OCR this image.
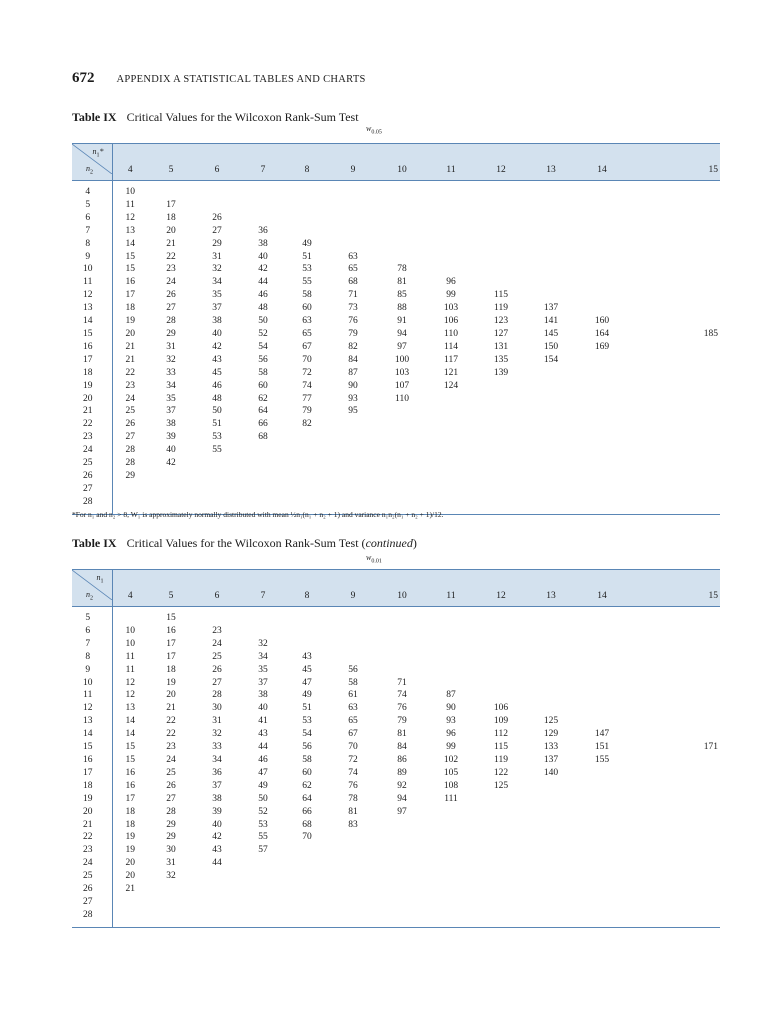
672 APPENDIX A STATISTICAL TABLES AND CHARTS
Table IX Critical Values for the Wilcoxon Rank-Sum Test
$w_{0.05}$
$n_1*$
$n_2$	4	5	6	7	8	9	10	11	12	13	14	15

4	10											
5	11	17										
6	12	18	26									
7	13	20	27	36								
8	14	21	29	38	49							
9	15	22	31	40	51	63						
10	15	23	32	42	53	65	78					
11	16	24	34	44	55	68	81	96				
12	17	26	35	46	58	71	85	99	115			
13	18	27	37	48	60	73	88	103	119	137		
14	19	28	38	50	63	76	91	106	123	141	160	
15	20	29	40	52	65	79	94	110	127	145	164	185
16	21	31	42	54	67	82	97	114	131	150	169	
17	21	32	43	56	70	84	100	117	135	154		
18	22	33	45	58	72	87	103	121	139			
19	23	34	46	60	74	90	107	124				
20	24	35	48	62	77	93	110					
21	25	37	50	64	79	95						
22	26	38	51	66	82							
23	27	39	53	68								
24	28	40	55									
25	28	42										
26	29											
27												
28												

*For n₁ and n₂ > 8, W₁ is approximately normally distributed with mean ½n₁(n₁ + n₂ + 1) and variance n₁n₂(n₁ + n₂ + 1)/12.
Table IX Critical Values for the Wilcoxon Rank-Sum Test (continued)
$w_{0.01}$
$n_1$
$n_2$	4	5	6	7	8	9	10	11	12	13	14	15

5		15										
6	10	16	23									
7	10	17	24	32								
8	11	17	25	34	43							
9	11	18	26	35	45	56						
10	12	19	27	37	47	58	71					
11	12	20	28	38	49	61	74	87				
12	13	21	30	40	51	63	76	90	106			
13	14	22	31	41	53	65	79	93	109	125		
14	14	22	32	43	54	67	81	96	112	129	147	
15	15	23	33	44	56	70	84	99	115	133	151	171
16	15	24	34	46	58	72	86	102	119	137	155	
17	16	25	36	47	60	74	89	105	122	140		
18	16	26	37	49	62	76	92	108	125			
19	17	27	38	50	64	78	94	111				
20	18	28	39	52	66	81	97					
21	18	29	40	53	68	83						
22	19	29	42	55	70							
23	19	30	43	57								
24	20	31	44									
25	20	32										
26	21											
27												
28												
